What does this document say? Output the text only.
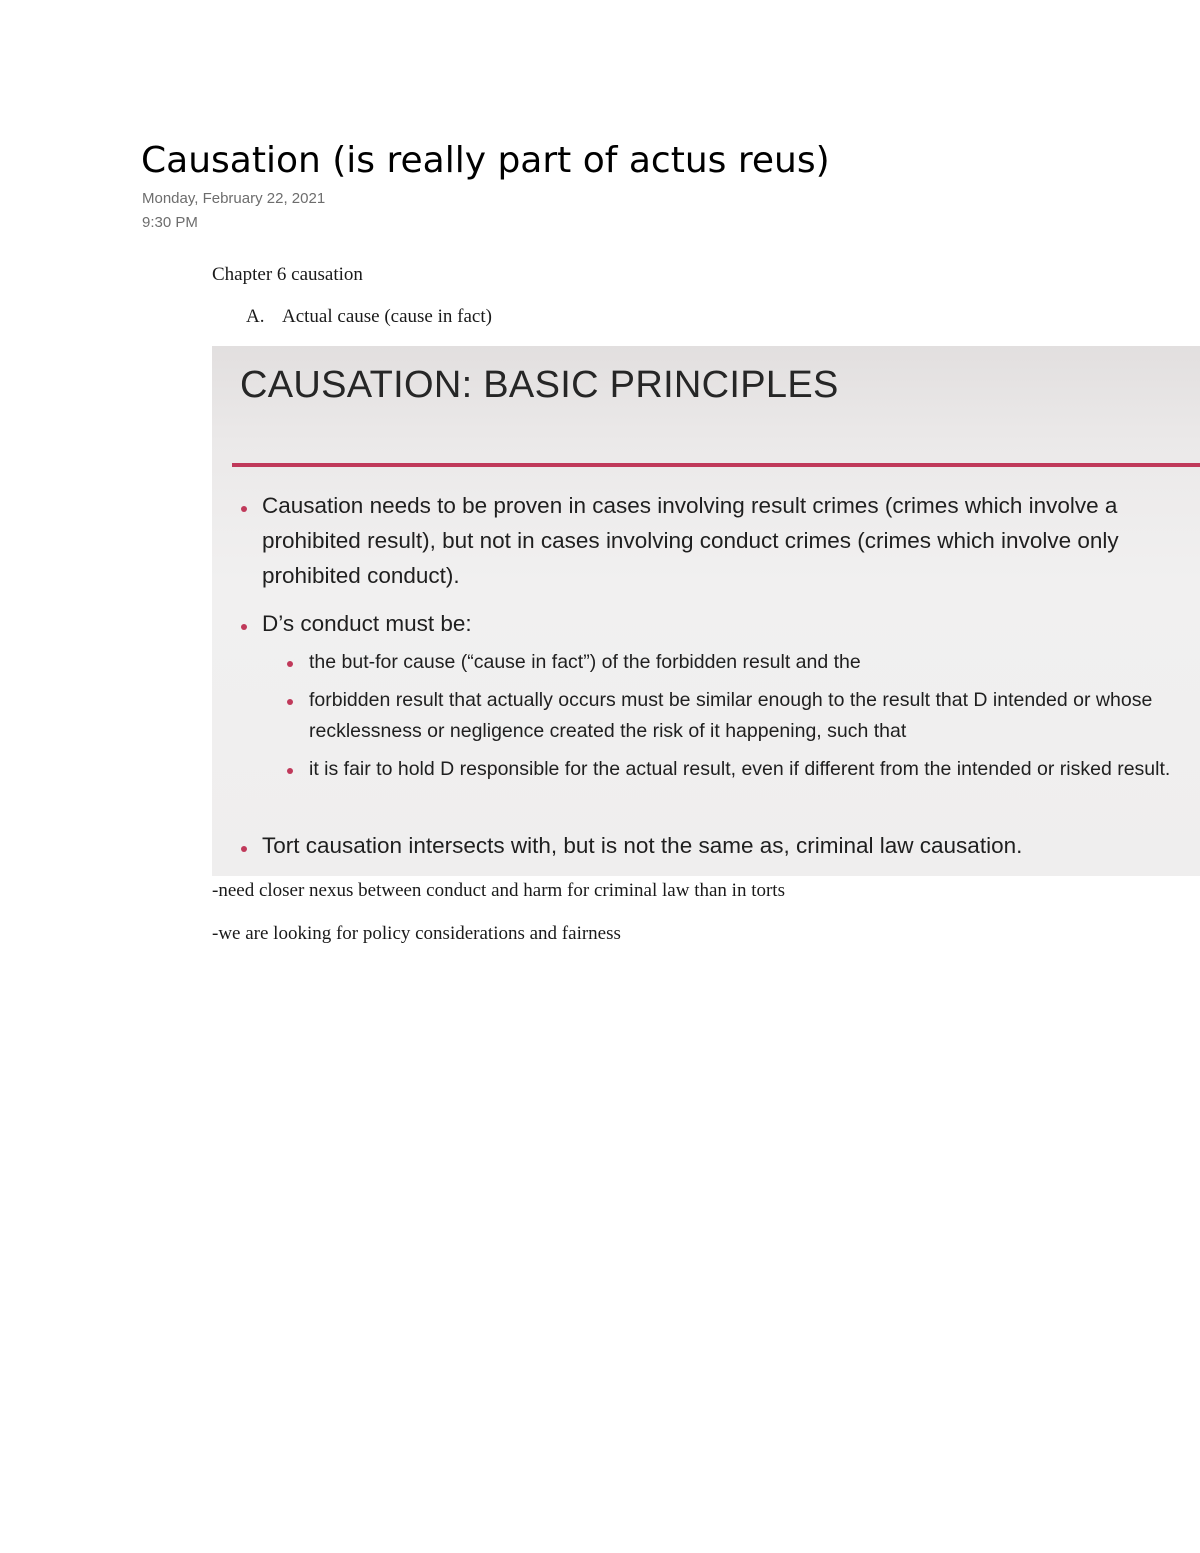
Causation (is really part of actus reus)
Monday, February 22, 2021
9:30 PM
Chapter 6 causation
A. Actual cause (cause in fact)
CAUSATION: BASIC PRINCIPLES
Causation needs to be proven in cases involving result crimes (crimes which involve a prohibited result), but not in cases involving conduct crimes (crimes which involve only prohibited conduct).
D’s conduct must be:
the but-for cause (“cause in fact”) of the forbidden result and the
forbidden result that actually occurs must be similar enough to the result that D intended or whose recklessness or negligence created the risk of it happening, such that
it is fair to hold D responsible for the actual result, even if different from the intended or risked result.
Tort causation intersects with, but is not the same as, criminal law causation.
-need closer nexus between conduct and harm for criminal law than in torts
-we are looking for policy considerations and fairness
